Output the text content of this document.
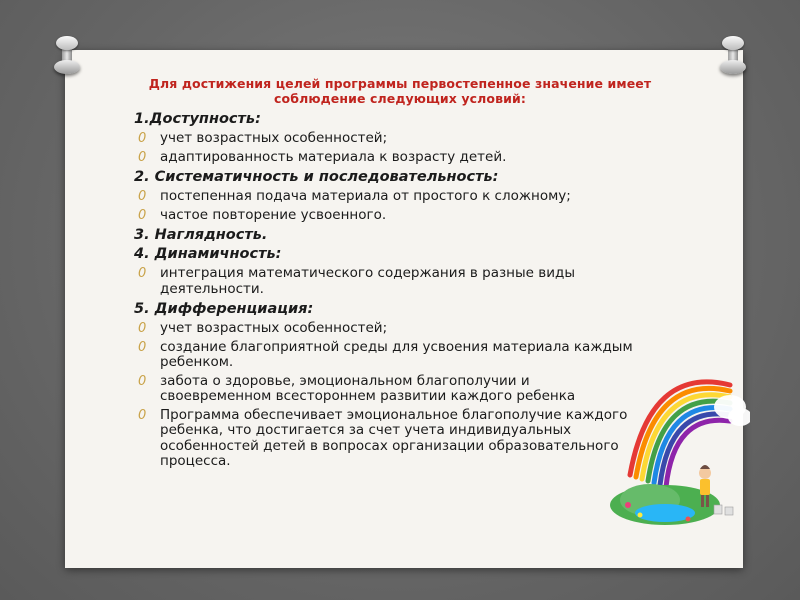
Для достижения целей программы первостепенное значение имеет соблюдение следующих условий:
1.Доступность:
0 учет возрастных особенностей;
0 адаптированность материала к возрасту детей.
2. Систематичность и последовательность:
0 постепенная подача материала от простого к сложному;
0 частое повторение усвоенного.
3. Наглядность.
4. Динамичность:
0 интеграция математического содержания в разные виды деятельности.
5. Дифференциация:
0 учет возрастных особенностей;
0 создание благоприятной среды для усвоения материала каждым ребенком.
0 забота о здоровье, эмоциональном благополучии и своевременном всестороннем развитии каждого ребенка
0 Программа обеспечивает эмоциональное благополучие каждого ребенка, что достигается за счет учета индивидуальных особенностей детей в вопросах организации образовательного процесса.
